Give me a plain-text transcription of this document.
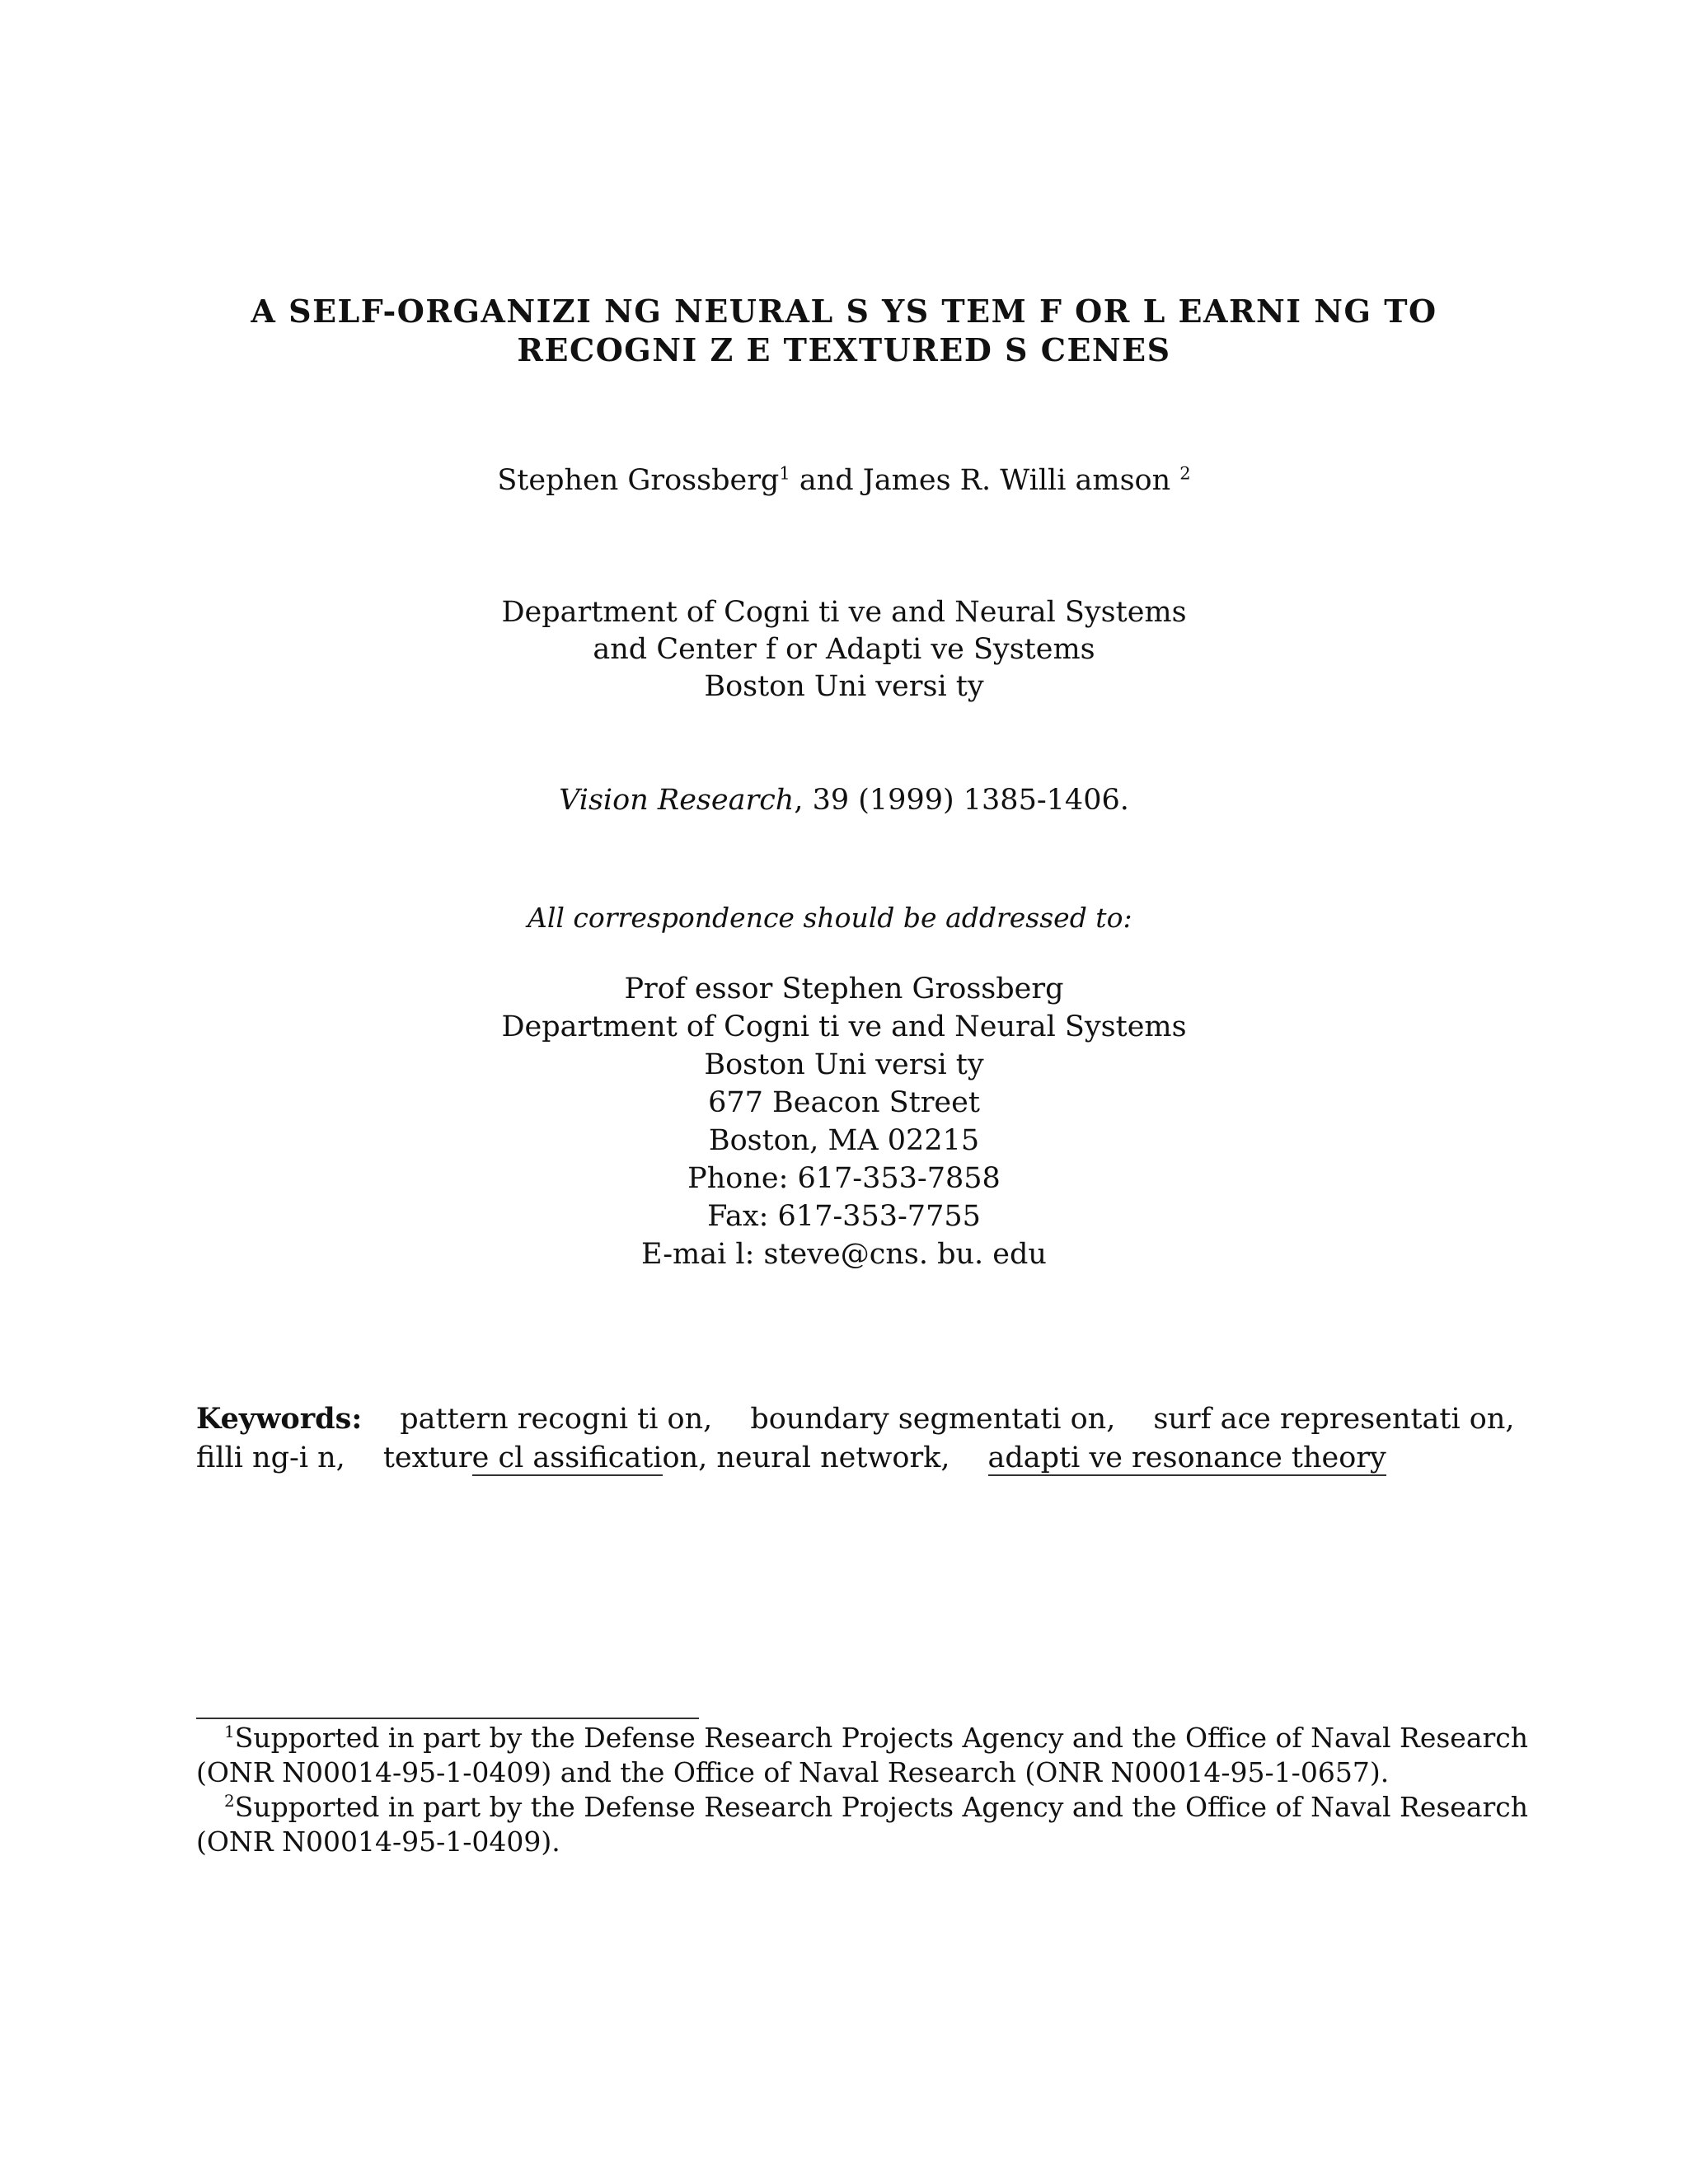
A SELF-ORGANIZI NG NEURAL S YS TEM F OR L EARNI NG TO
RECOGNI Z E TEXTURED S CENES
Stephen Grossberg$^1$ and James R. Willi amson $^2$
Department of Cogni ti ve and Neural Systems
and Center f or Adapti ve Systems
Boston Uni versi ty
Vision Research, 39 (1999) 1385-1406.
All correspondence should be addressed to:
Prof essor Stephen Grossberg
Department of Cogni ti ve and Neural Systems
Boston Uni versi ty
677 Beacon Street
Boston, MA 02215
Phone: 617-353-7858
Fax: 617-353-7755
E-mai l: steve@cns. bu. edu
Keywords: pattern recogni ti on, boundary segmentati on, surf ace representati on,
filli ng-i n, texture cl assification, neural network, adapti ve resonance theory
$^1$Supported in part by the Defense Research Projects Agency and the Office of Naval Research
(ONR N00014-95-1-0409) and the Office of Naval Research (ONR N00014-95-1-0657).
$^2$Supported in part by the Defense Research Projects Agency and the Office of Naval Research
(ONR N00014-95-1-0409).
